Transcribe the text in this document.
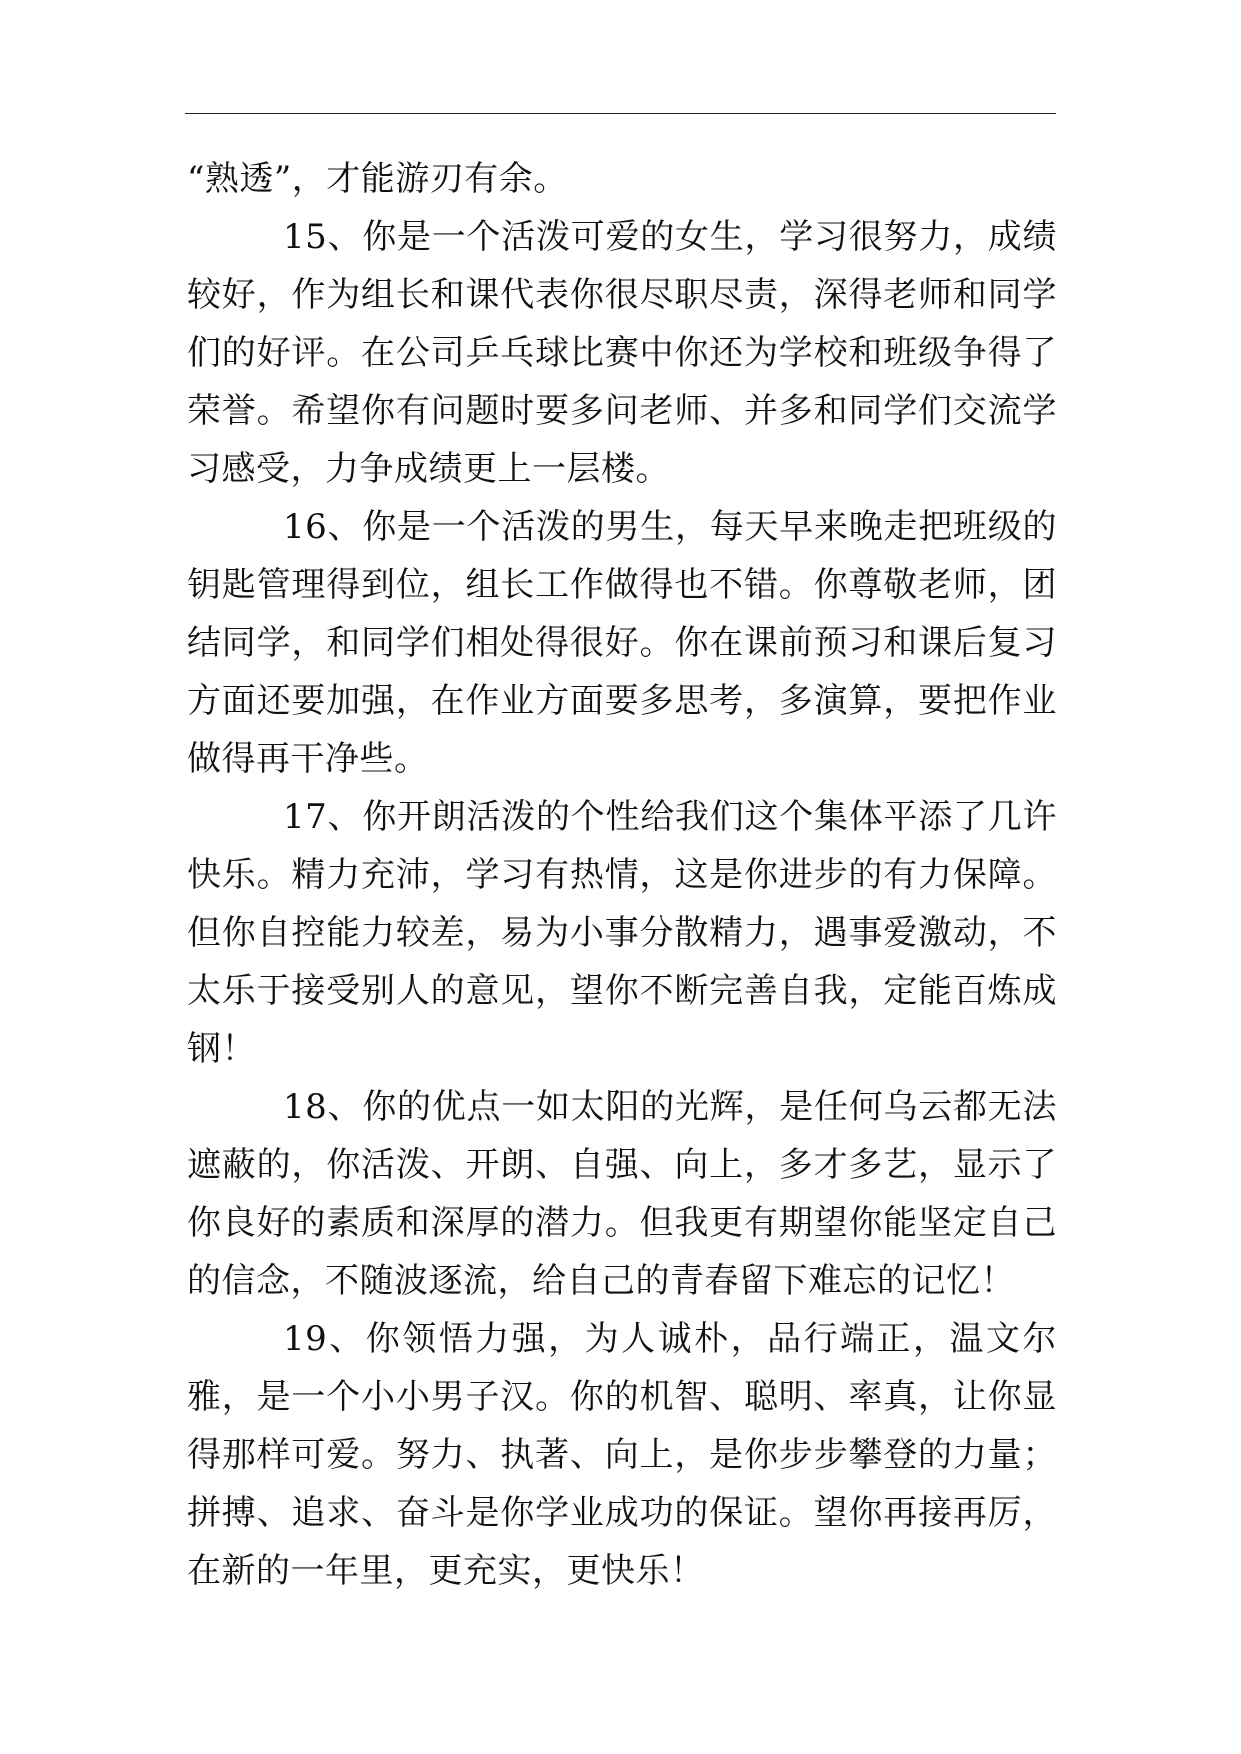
“熟透”，才能游刃有余。

15、你是一个活泼可爱的女生，学习很努力，成绩较好，作为组长和课代表你很尽职尽责，深得老师和同学们的好评。在公司乒乓球比赛中你还为学校和班级争得了荣誉。希望你有问题时要多问老师、并多和同学们交流学习感受，力争成绩更上一层楼。

16、你是一个活泼的男生，每天早来晚走把班级的钥匙管理得到位，组长工作做得也不错。你尊敬老师，团结同学，和同学们相处得很好。你在课前预习和课后复习方面还要加强，在作业方面要多思考，多演算，要把作业做得再干净些。

17、你开朗活泼的个性给我们这个集体平添了几许快乐。精力充沛，学习有热情，这是你进步的有力保障。但你自控能力较差，易为小事分散精力，遇事爱激动，不太乐于接受别人的意见，望你不断完善自我，定能百炼成钢！

18、你的优点一如太阳的光辉，是任何乌云都无法遮蔽的，你活泼、开朗、自强、向上，多才多艺，显示了你良好的素质和深厚的潜力。但我更有期望你能坚定自己的信念，不随波逐流，给自己的青春留下难忘的记忆！

19、你领悟力强，为人诚朴，品行端正，温文尔雅，是一个小小男子汉。你的机智、聪明、率真，让你显得那样可爱。努力、执著、向上，是你步步攀登的力量；拼搏、追求、奋斗是你学业成功的保证。望你再接再厉，在新的一年里，更充实，更快乐！
